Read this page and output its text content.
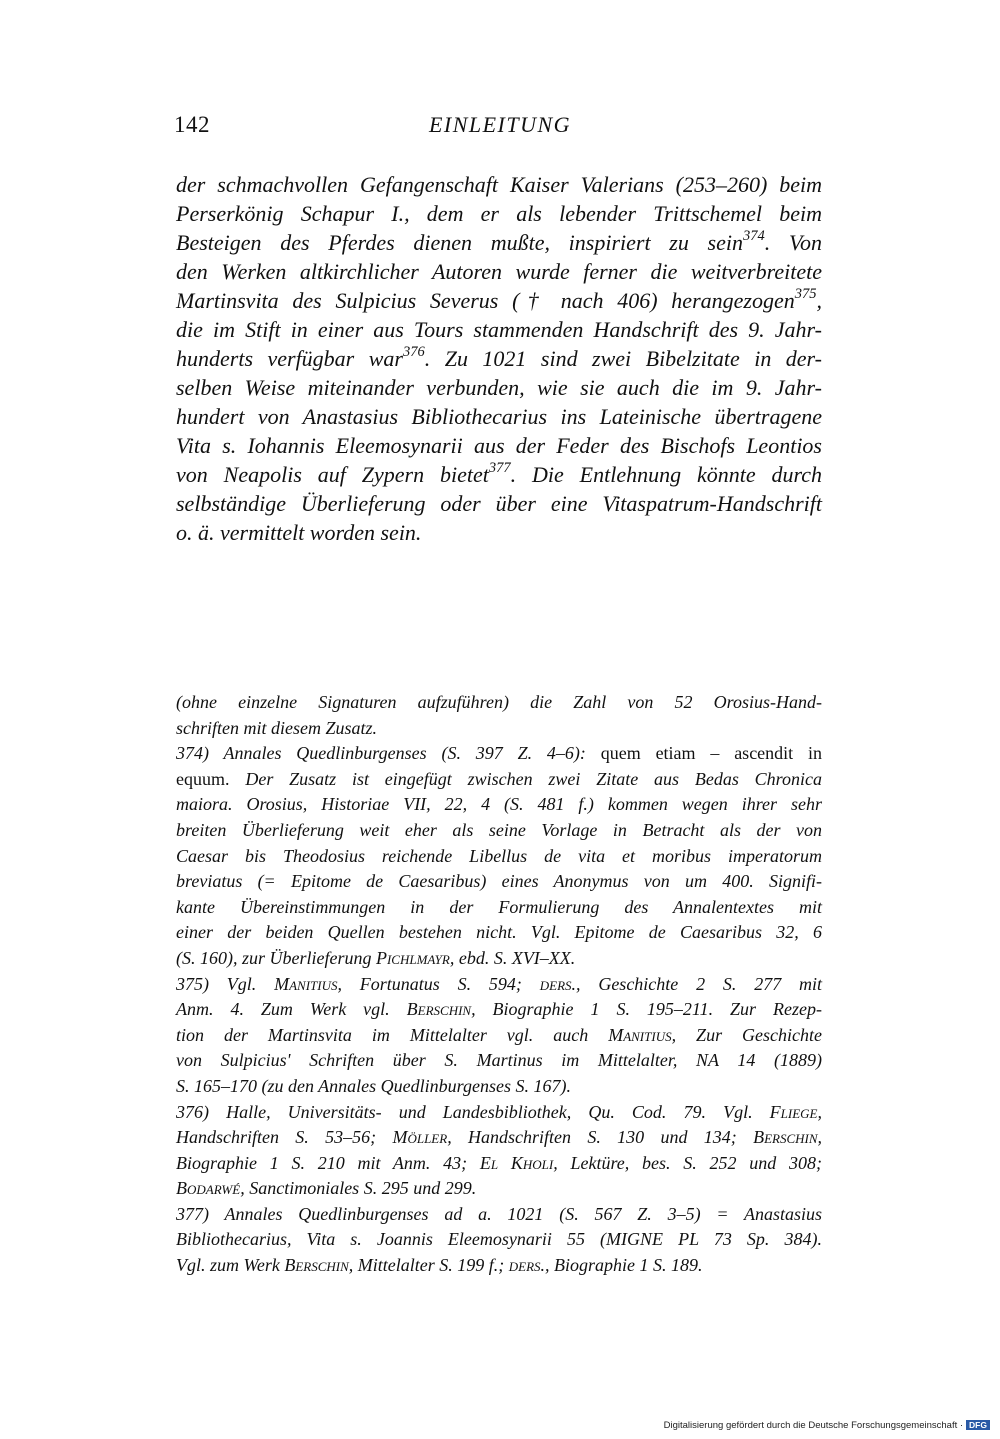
142	EINLEITUNG
der schmachvollen Gefangenschaft Kaiser Valerians (253–260) beim
Perserkönig Schapur I., dem er als lebender Trittschemel beim
Besteigen des Pferdes dienen mußte, inspiriert zu sein$^{374}$. Von
den Werken altkirchlicher Autoren wurde ferner die weitverbreitete
Martinsvita des Sulpicius Severus († nach 406) herangezogen$^{375}$,
die im Stift in einer aus Tours stammenden Handschrift des 9. Jahr-
hunderts verfügbar war$^{376}$. Zu 1021 sind zwei Bibelzitate in der-
selben Weise miteinander verbunden, wie sie auch die im 9. Jahr-
hundert von Anastasius Bibliothecarius ins Lateinische übertragene
Vita s. Iohannis Eleemosynarii aus der Feder des Bischofs Leontios
von Neapolis auf Zypern bietet$^{377}$. Die Entlehnung könnte durch
selbständige Überlieferung oder über eine Vitaspatrum-Handschrift
o. ä. vermittelt worden sein.
(ohne einzelne Signaturen aufzuführen) die Zahl von 52 Orosius-Hand-
schriften mit diesem Zusatz.
374) Annales Quedlinburgenses (S. 397 Z. 4–6): quem etiam – ascendit in
equum. Der Zusatz ist eingefügt zwischen zwei Zitate aus Bedas Chronica
maiora. Orosius, Historiae VII, 22, 4 (S. 481 f.) kommen wegen ihrer sehr
breiten Überlieferung weit eher als seine Vorlage in Betracht als der von
Caesar bis Theodosius reichende Libellus de vita et moribus imperatorum
breviatus (= Epitome de Caesaribus) eines Anonymus von um 400. Signifi-
kante Übereinstimmungen in der Formulierung des Annalentextes mit
einer der beiden Quellen bestehen nicht. Vgl. Epitome de Caesaribus 32, 6
(S. 160), zur Überlieferung Pichlmayr, ebd. S. XVI–XX.
375) Vgl. Manitius, Fortunatus S. 594; ders., Geschichte 2 S. 277 mit
Anm. 4. Zum Werk vgl. Berschin, Biographie 1 S. 195–211. Zur Rezep-
tion der Martinsvita im Mittelalter vgl. auch Manitius, Zur Geschichte
von Sulpicius' Schriften über S. Martinus im Mittelalter, NA 14 (1889)
S. 165–170 (zu den Annales Quedlinburgenses S. 167).
376) Halle, Universitäts- und Landesbibliothek, Qu. Cod. 79. Vgl. Fliege,
Handschriften S. 53–56; Möller, Handschriften S. 130 und 134; Berschin,
Biographie 1 S. 210 mit Anm. 43; El Kholi, Lektüre, bes. S. 252 und 308;
Bodarwé, Sanctimoniales S. 295 und 299.
377) Annales Quedlinburgenses ad a. 1021 (S. 567 Z. 3–5) = Anastasius
Bibliothecarius, Vita s. Joannis Eleemosynarii 55 (MIGNE PL 73 Sp. 384).
Vgl. zum Werk Berschin, Mittelalter S. 199 f.; ders., Biographie 1 S. 189.
Digitalisierung gefördert durch die Deutsche Forschungsgemeinschaft · DFG
